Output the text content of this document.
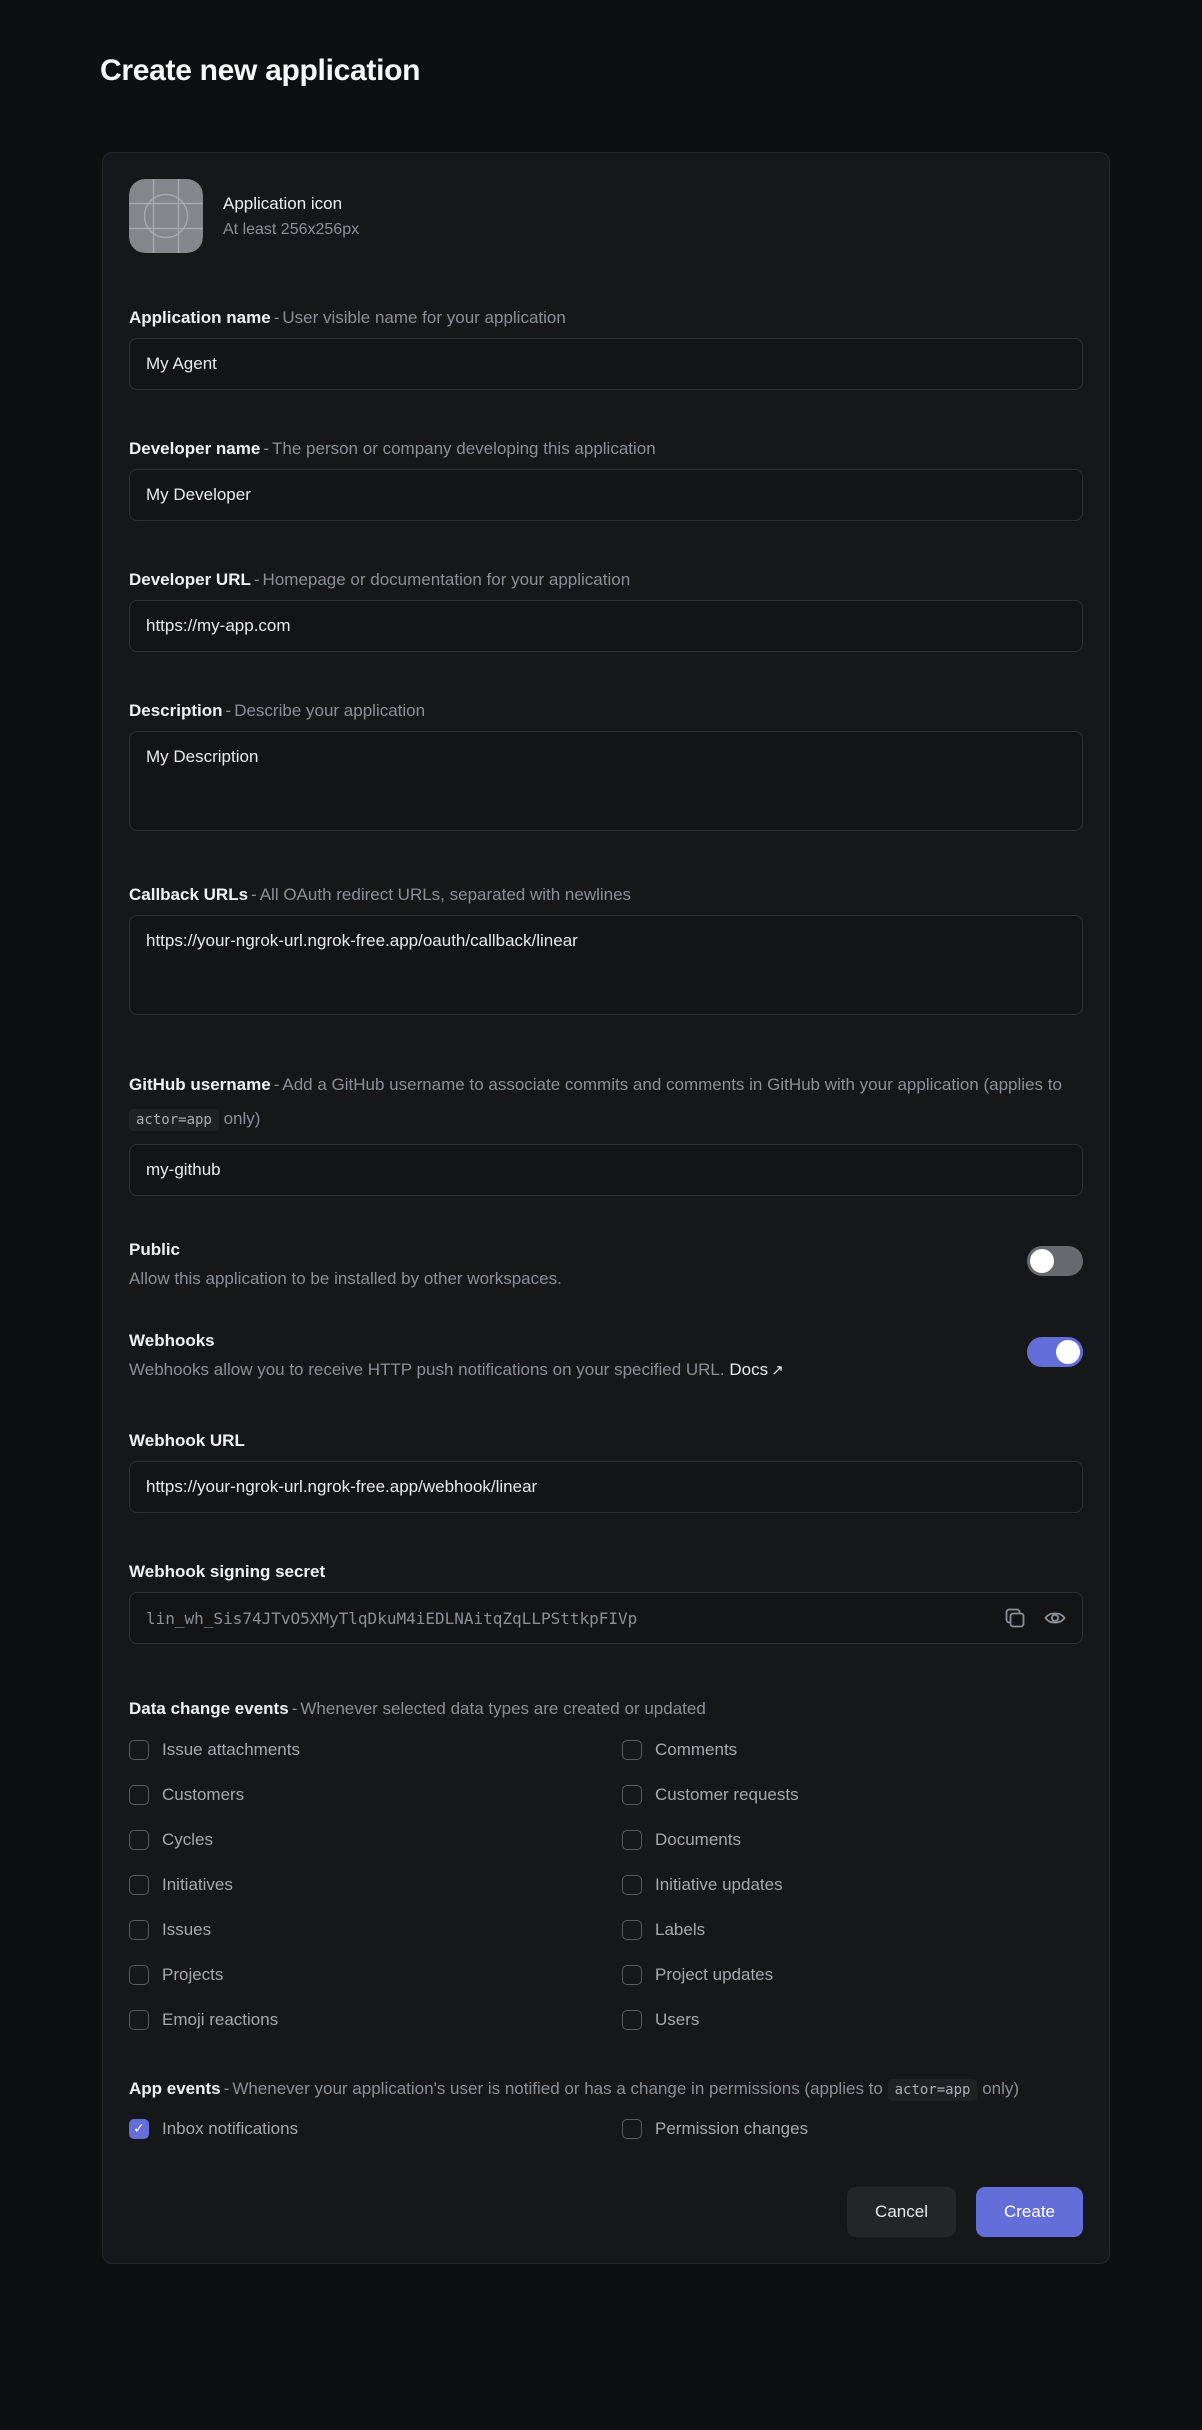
Create new application
Application icon
At least 256x256px
Application name - User visible name for your application
My Agent
Developer name - The person or company developing this application
My Developer
Developer URL - Homepage or documentation for your application
https://my-app.com
Description - Describe your application
My Description
Callback URLs - All OAuth redirect URLs, separated with newlines
https://your-ngrok-url.ngrok-free.app/oauth/callback/linear
GitHub username - Add a GitHub username to associate commits and comments in GitHub with your application (applies to actor=app only)
my-github
Public
Allow this application to be installed by other workspaces.
Webhooks
Webhooks allow you to receive HTTP push notifications on your specified URL. Docs ↗
Webhook URL
https://your-ngrok-url.ngrok-free.app/webhook/linear
Webhook signing secret
lin_wh_Sis74JTvO5XMyTlqDkuM4iEDLNAitqZqLLPSttkpFIVp
Data change events - Whenever selected data types are created or updated
Issue attachments	Comments
Customers	Customer requests
Cycles	Documents
Initiatives	Initiative updates
Issues	Labels
Projects	Project updates
Emoji reactions	Users
App events - Whenever your application's user is notified or has a change in permissions (applies to actor=app only)
✓ Inbox notifications	Permission changes
Cancel	Create
